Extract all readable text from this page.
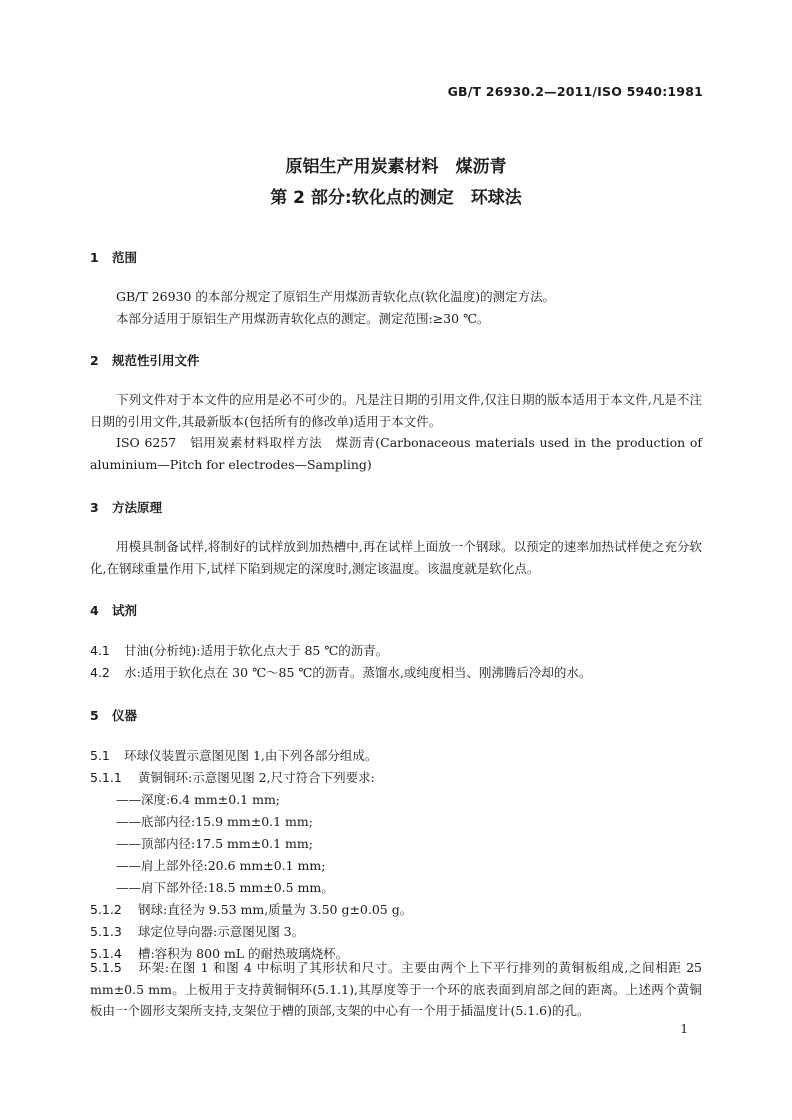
GB/T 26930.2—2011/ISO 5940:1981
原铝生产用炭素材料　煤沥青
第 2 部分:软化点的测定　环球法
1 范围
GB/T 26930 的本部分规定了原铝生产用煤沥青软化点(软化温度)的测定方法。
本部分适用于原铝生产用煤沥青软化点的测定。测定范围:≥30 ℃。
2 规范性引用文件
下列文件对于本文件的应用是必不可少的。凡是注日期的引用文件,仅注日期的版本适用于本文件,凡是不注日期的引用文件,其最新版本(包括所有的修改单)适用于本文件。
ISO 6257　铝用炭素材料取样方法　煤沥青(Carbonaceous materials used in the production of aluminium—Pitch for electrodes—Sampling)
3 方法原理
用模具制备试样,将制好的试样放到加热槽中,再在试样上面放一个钢球。以预定的速率加热试样使之充分软化,在钢球重量作用下,试样下陷到规定的深度时,测定该温度。该温度就是软化点。
4 试剂
4.1 甘油(分析纯):适用于软化点大于 85 ℃的沥青。
4.2 水:适用于软化点在 30 ℃～85 ℃的沥青。蒸馏水,或纯度相当、刚沸腾后冷却的水。
5 仪器
5.1 环球仪装置示意图见图 1,由下列各部分组成。
5.1.1 黄铜铜环:示意图见图 2,尺寸符合下列要求:
——深度:6.4 mm±0.1 mm;
——底部内径:15.9 mm±0.1 mm;
——顶部内径:17.5 mm±0.1 mm;
——肩上部外径:20.6 mm±0.1 mm;
——肩下部外径:18.5 mm±0.5 mm。
5.1.2 钢球:直径为 9.53 mm,质量为 3.50 g±0.05 g。
5.1.3 球定位导向器:示意图见图 3。
5.1.4 槽:容积为 800 mL 的耐热玻璃烧杯。
5.1.5 环架:在图 1 和图 4 中标明了其形状和尺寸。主要由两个上下平行排列的黄铜板组成,之间相距 25 mm±0.5 mm。上板用于支持黄铜铜环(5.1.1),其厚度等于一个环的底表面到肩部之间的距离。上述两个黄铜板由一个圆形支架所支持,支架位于槽的顶部,支架的中心有一个用于插温度计(5.1.6)的孔。
1
